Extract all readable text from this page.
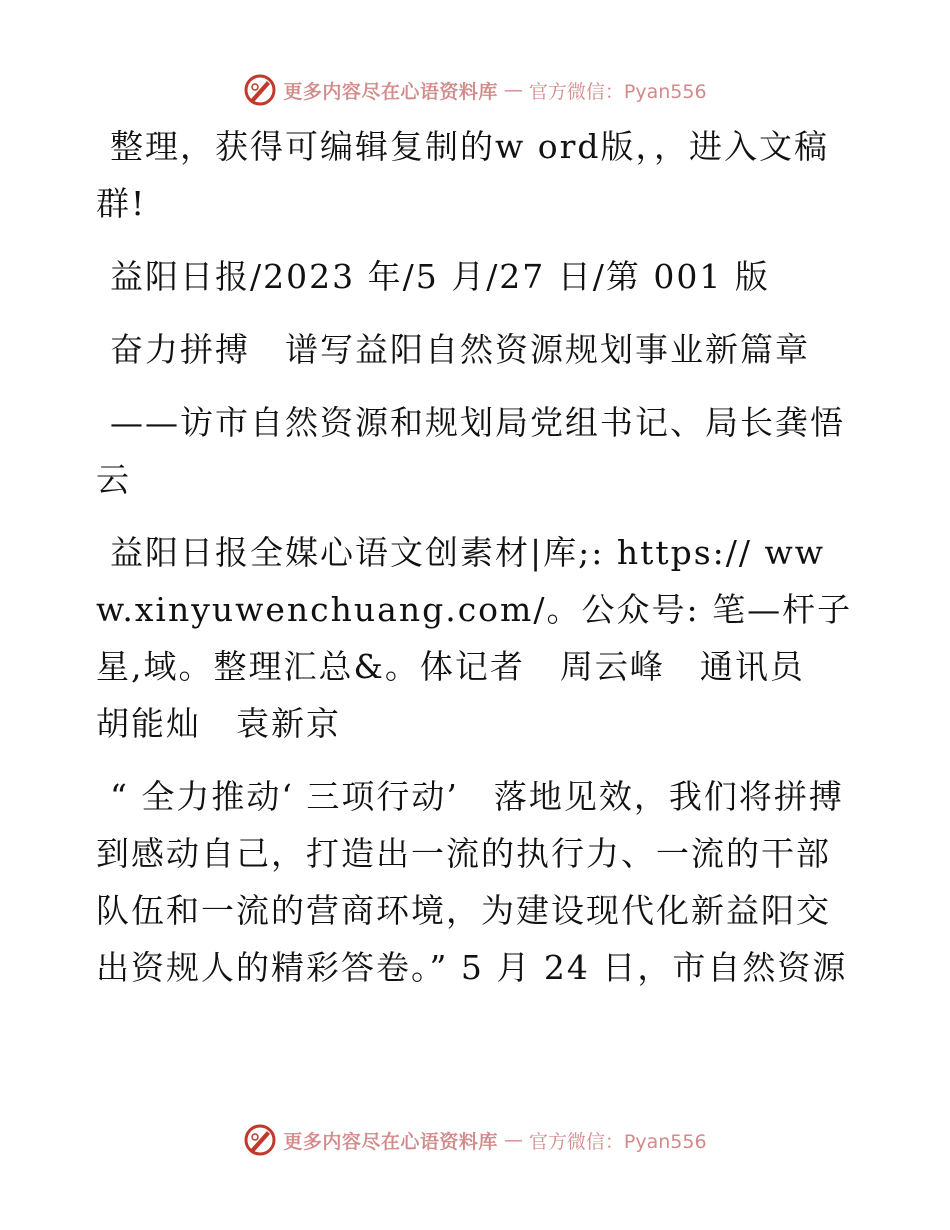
更多内容尽在心语资料库 — 官方微信：Pyan556

整理，获得可编辑复制的w ord版，，进入文稿群!

益阳日报/2023 年/5 月/27 日/第 001 版

奋力拼搏　谱写益阳自然资源规划事业新篇章

——访市自然资源和规划局党组书记、局长龚悟云

益阳日报全媒心语文创素材|库;: https:// www.xinyuwenchuang.com/。公众号: 笔—杆子星,域。整理汇总&。体记者　周云峰　通讯员　胡能灿　袁新京

“ 全力推动‘ 三项行动’　落地见效，我们将拼搏到感动自己，打造出一流的执行力、一流的干部队伍和一流的营商环境，为建设现代化新益阳交出资规人的精彩答卷。” 5 月 24 日，市自然资源

更多内容尽在心语资料库 — 官方微信：Pyan556
